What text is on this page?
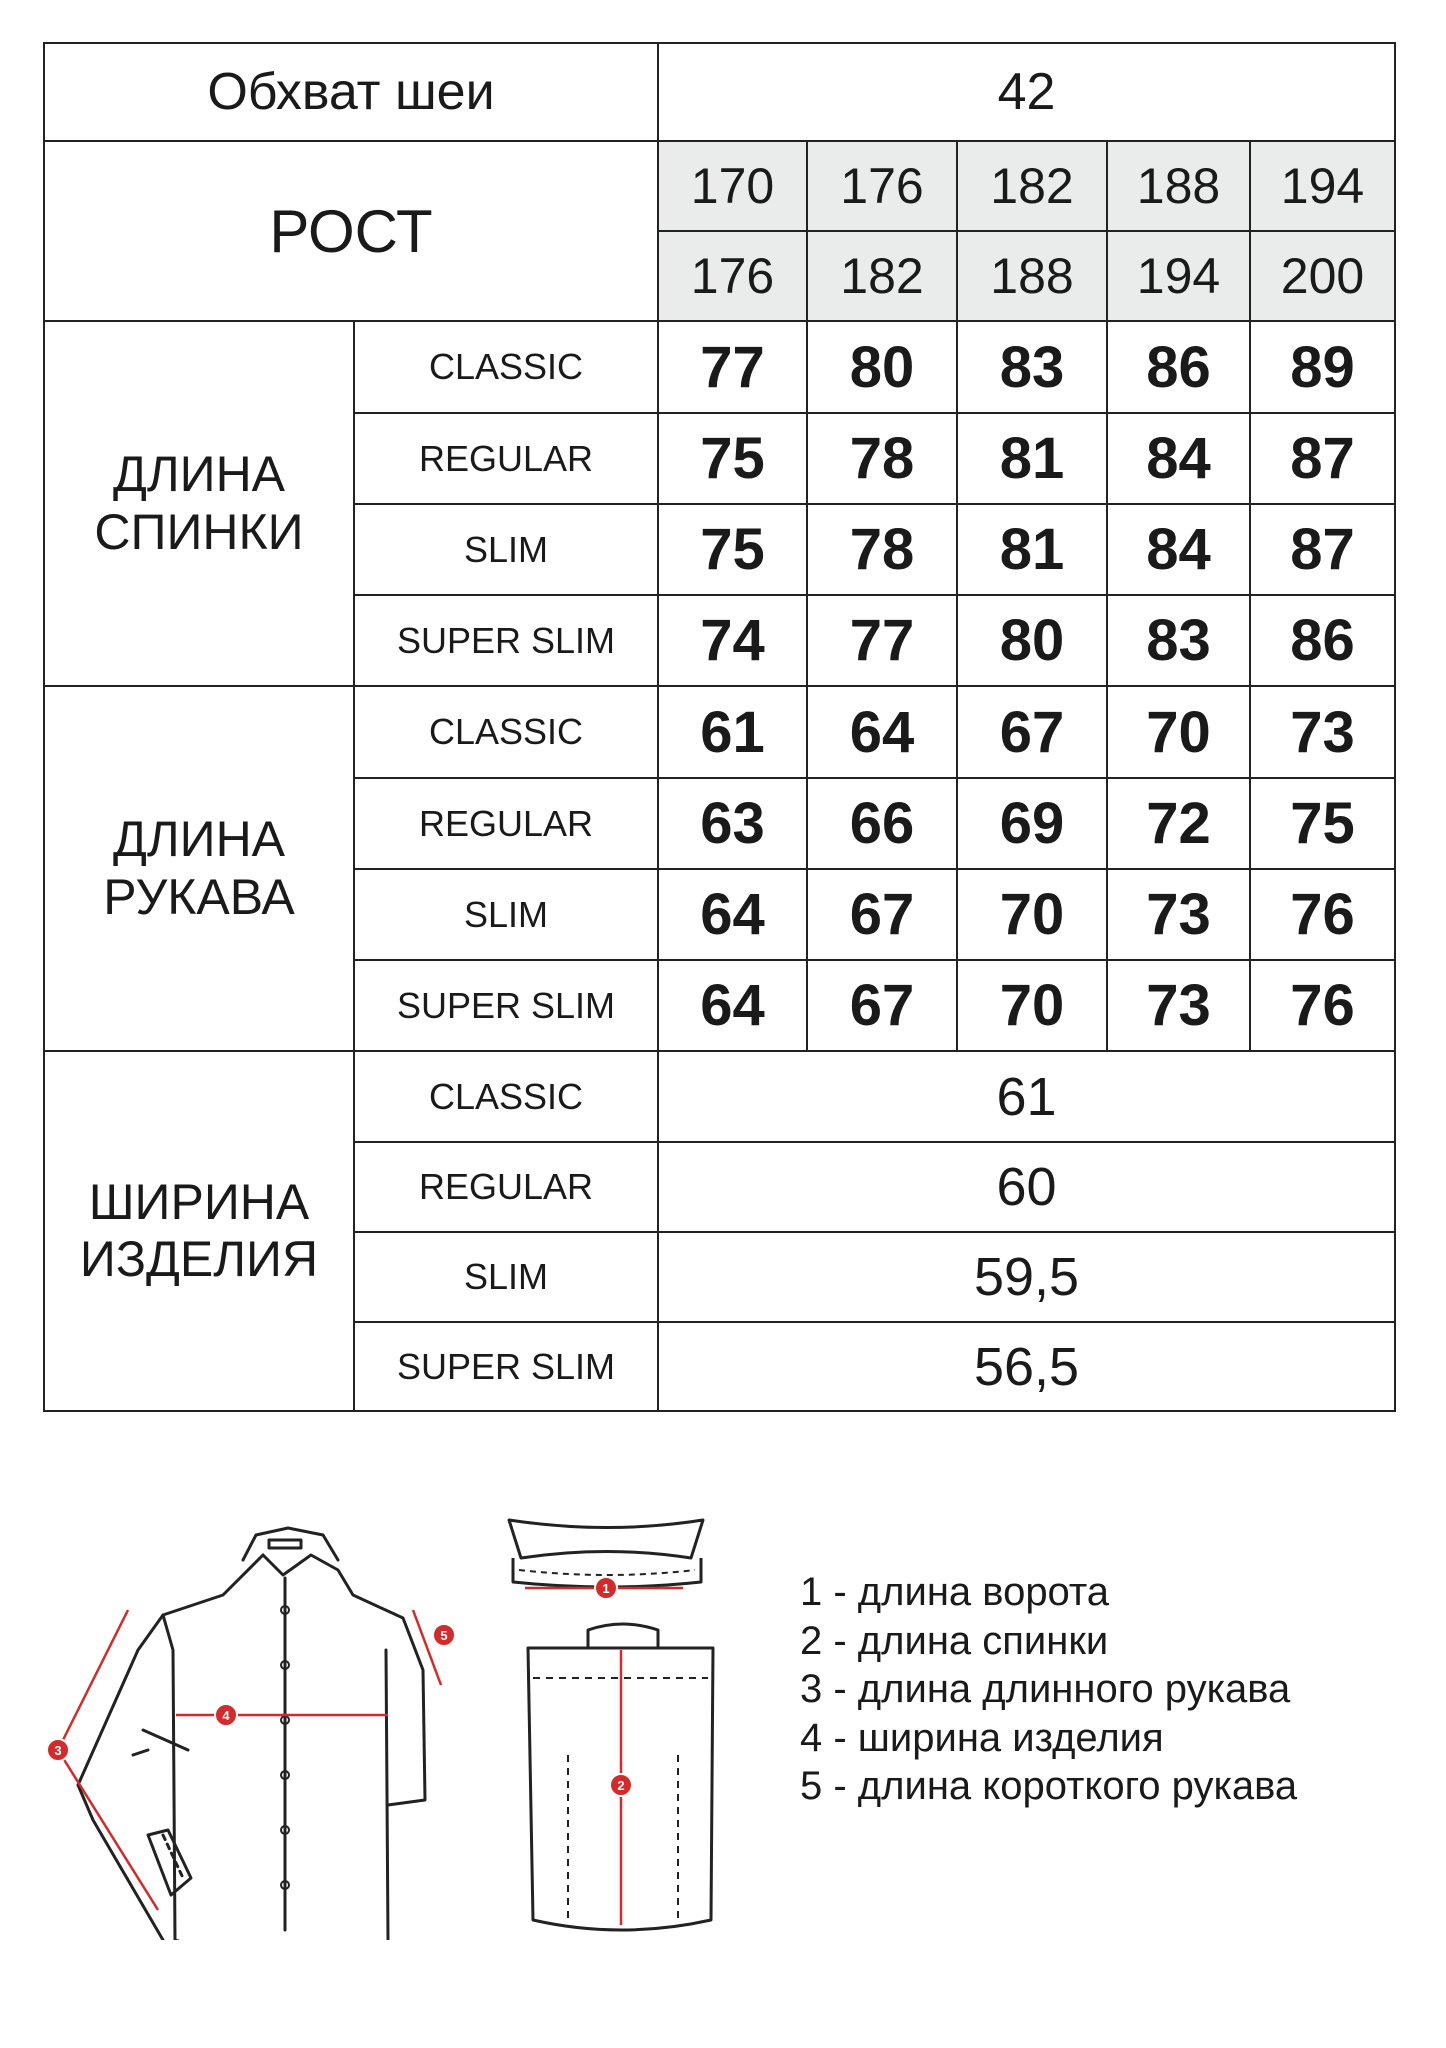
Обхват шеи		42				
РОСТ		170	176	182	188	194
		176	182	188	194	200
ДЛИНА
СПИНКИ	CLASSIC	77	80	83	86	89
	REGULAR	75	78	81	84	87
	SLIM	75	78	81	84	87
	SUPER SLIM	74	77	80	83	86
ДЛИНА
РУКАВА	CLASSIC	61	64	67	70	73
	REGULAR	63	66	69	72	75
	SLIM	64	67	70	73	76
	SUPER SLIM	64	67	70	73	76
ШИРИНА
ИЗДЕЛИЯ	CLASSIC	61				
	REGULAR	60				
	SLIM	59,5				
	SUPER SLIM	56,5				
3
4
5
1
2
1 - длина ворота
2 - длина спинки
3 - длина длинного рукава
4 - ширина изделия
5 - длина короткого рукава
